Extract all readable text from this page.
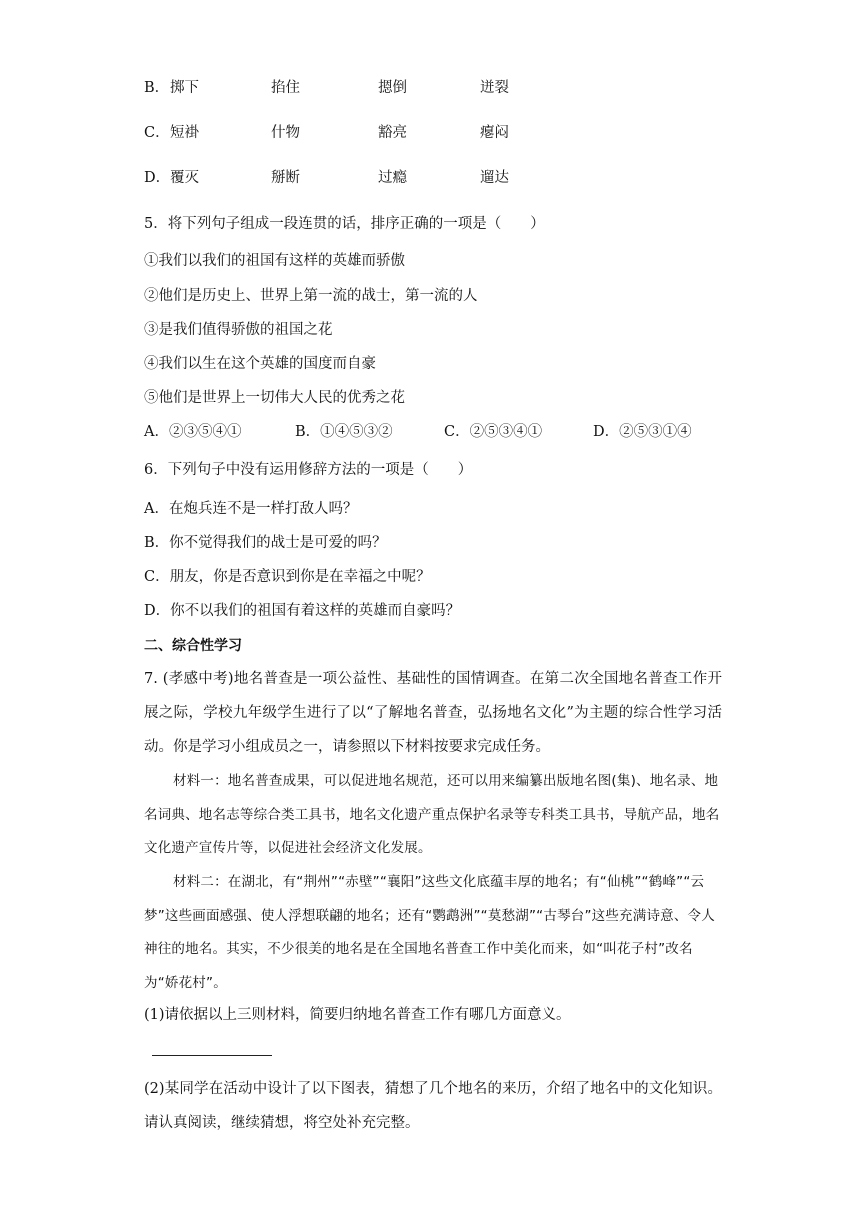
B． 掷下	掐住	摁倒	迸裂
C． 短褂	什物	豁亮	瘪闷
D． 覆灭	掰断	过瘾	遛达
5．将下列句子组成一段连贯的话，排序正确的一项是（　　）
①我们以我们的祖国有这样的英雄而骄傲
②他们是历史上、世界上第一流的战士，第一流的人
③是我们值得骄傲的祖国之花
④我们以生在这个英雄的国度而自豪
⑤他们是世界上一切伟大人民的优秀之花
A．②③⑤④①	B．①④⑤③②	C．②⑤③④①	D．②⑤③①④
6．下列句子中没有运用修辞方法的一项是（　　）
A．在炮兵连不是一样打敌人吗？
B．你不觉得我们的战士是可爱的吗？
C．朋友，你是否意识到你是在幸福之中呢？
D．你不以我们的祖国有着这样的英雄而自豪吗？
二、综合性学习
7. (孝感中考)地名普查是一项公益性、基础性的国情调查。在第二次全国地名普查工作开展之际，学校九年级学生进行了以“了解地名普查，弘扬地名文化”为主题的综合性学习活动。你是学习小组成员之一，请参照以下材料按要求完成任务。
材料一：地名普查成果，可以促进地名规范，还可以用来编纂出版地名图(集)、地名录、地名词典、地名志等综合类工具书，地名文化遗产重点保护名录等专科类工具书，导航产品，地名文化遗产宣传片等，以促进社会经济文化发展。
材料二：在湖北，有“荆州”“赤壁”“襄阳”这些文化底蕴丰厚的地名；有“仙桃”“鹤峰”“云梦”这些画面感强、使人浮想联翩的地名；还有“鹦鹉洲”“莫愁湖”“古琴台”这些充满诗意、令人神往的地名。其实，不少很美的地名是在全国地名普查工作中美化而来，如“叫花子村”改名为“娇花村”。
(1)请依据以上三则材料，简要归纳地名普查工作有哪几方面意义。
(2)某同学在活动中设计了以下图表，猜想了几个地名的来历，介绍了地名中的文化知识。请认真阅读，继续猜想，将空处补充完整。
